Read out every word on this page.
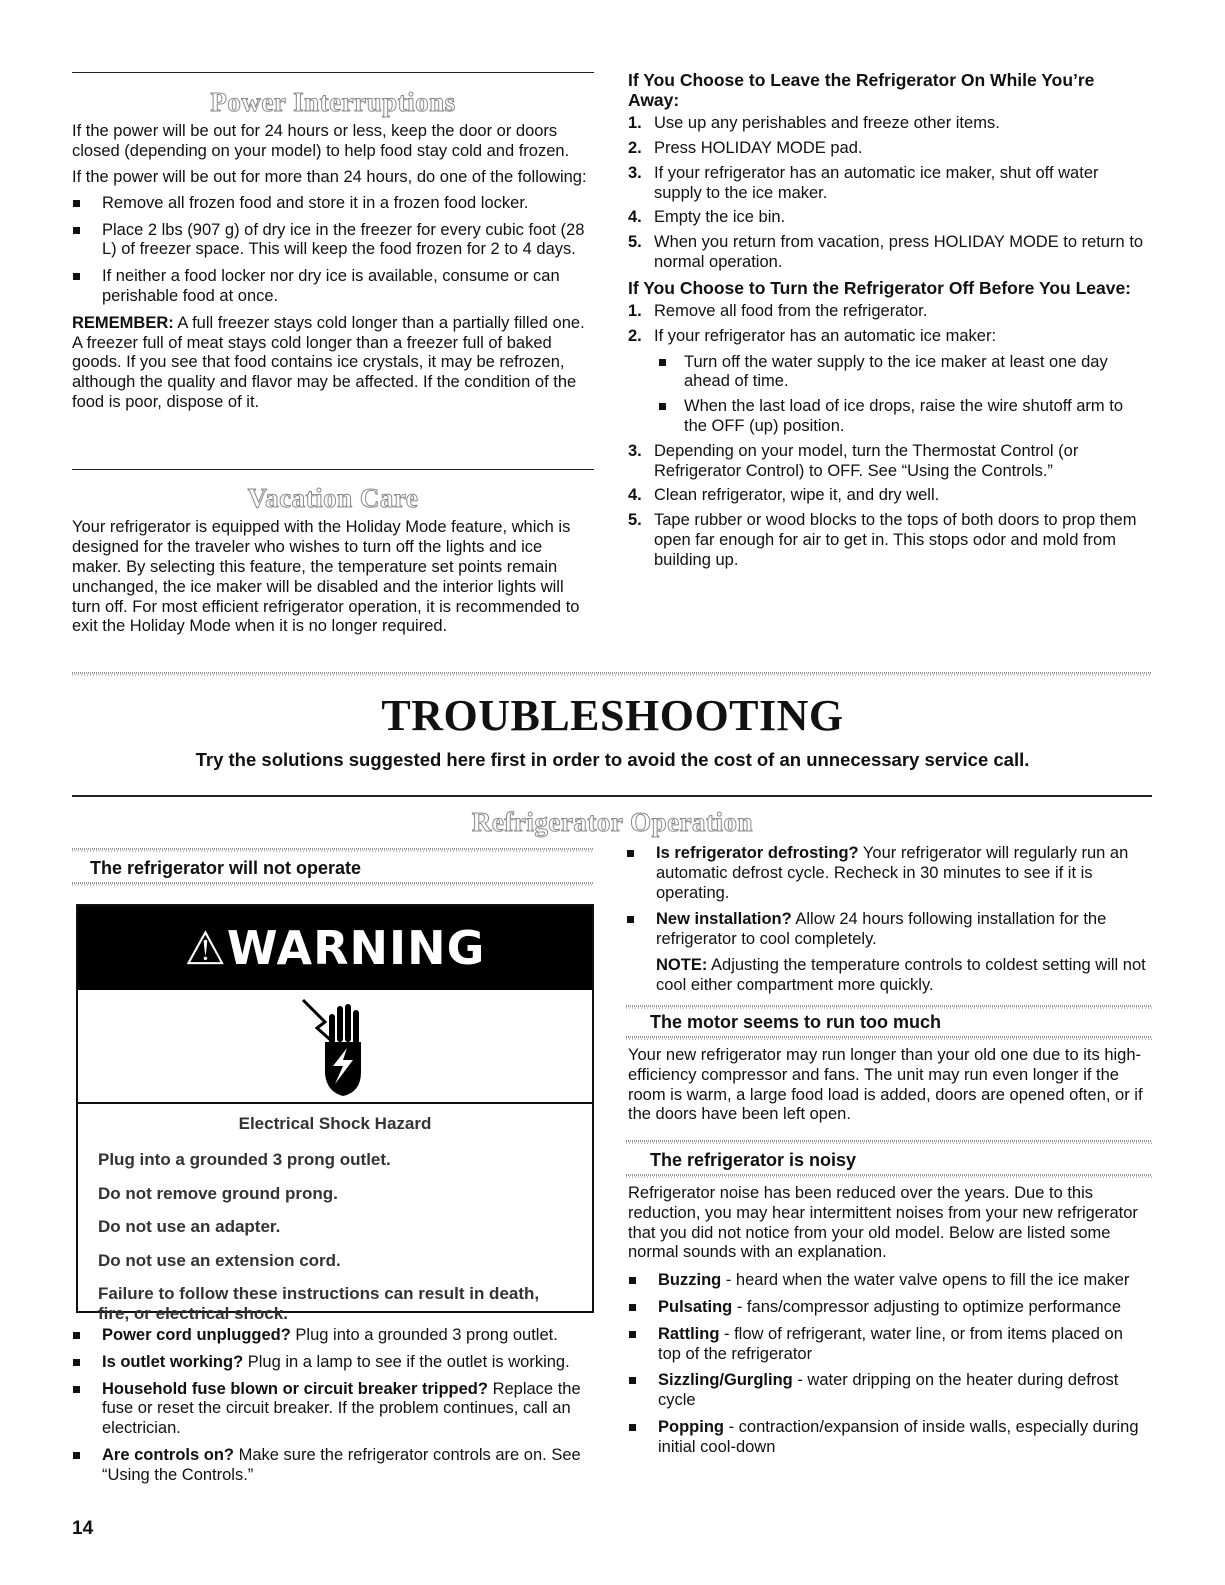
Power Interruptions

If the power will be out for 24 hours or less, keep the door or doors closed (depending on your model) to help food stay cold and frozen.

If the power will be out for more than 24 hours, do one of the following:

Remove all frozen food and store it in a frozen food locker.
Place 2 lbs (907 g) of dry ice in the freezer for every cubic foot (28 L) of freezer space. This will keep the food frozen for 2 to 4 days.
If neither a food locker nor dry ice is available, consume or can perishable food at once.

REMEMBER: A full freezer stays cold longer than a partially filled one. A freezer full of meat stays cold longer than a freezer full of baked goods. If you see that food contains ice crystals, it may be refrozen, although the quality and flavor may be affected. If the condition of the food is poor, dispose of it.

Vacation Care

Your refrigerator is equipped with the Holiday Mode feature, which is designed for the traveler who wishes to turn off the lights and ice maker. By selecting this feature, the temperature set points remain unchanged, the ice maker will be disabled and the interior lights will turn off. For most efficient refrigerator operation, it is recommended to exit the Holiday Mode when it is no longer required.

If You Choose to Leave the Refrigerator On While You’re Away:
1. Use up any perishables and freeze other items.
2. Press HOLIDAY MODE pad.
3. If your refrigerator has an automatic ice maker, shut off water supply to the ice maker.
4. Empty the ice bin.
5. When you return from vacation, press HOLIDAY MODE to return to normal operation.
If You Choose to Turn the Refrigerator Off Before You Leave:
1. Remove all food from the refrigerator.
2. If your refrigerator has an automatic ice maker:
Turn off the water supply to the ice maker at least one day ahead of time.
When the last load of ice drops, raise the wire shutoff arm to the OFF (up) position.
3. Depending on your model, turn the Thermostat Control (or Refrigerator Control) to OFF. See “Using the Controls.”
4. Clean refrigerator, wipe it, and dry well.
5. Tape rubber or wood blocks to the tops of both doors to prop them open far enough for air to get in. This stops odor and mold from building up.
TROUBLESHOOTING
Try the solutions suggested here first in order to avoid the cost of an unnecessary service call.
Refrigerator Operation
The refrigerator will not operate
⚠WARNING

Electrical Shock Hazard

Plug into a grounded 3 prong outlet.

Do not remove ground prong.

Do not use an adapter.

Do not use an extension cord.

Failure to follow these instructions can result in death, fire, or electrical shock.

Power cord unplugged? Plug into a grounded 3 prong outlet.
Is outlet working? Plug in a lamp to see if the outlet is working.
Household fuse blown or circuit breaker tripped? Replace the fuse or reset the circuit breaker. If the problem continues, call an electrician.
Are controls on? Make sure the refrigerator controls are on. See “Using the Controls.”
14
Is refrigerator defrosting? Your refrigerator will regularly run an automatic defrost cycle. Recheck in 30 minutes to see if it is operating.
New installation? Allow 24 hours following installation for the refrigerator to cool completely.

NOTE: Adjusting the temperature controls to coldest setting will not cool either compartment more quickly.

The motor seems to run too much
Your new refrigerator may run longer than your old one due to its high-efficiency compressor and fans. The unit may run even longer if the room is warm, a large food load is added, doors are opened often, or if the doors have been left open.
The refrigerator is noisy

Refrigerator noise has been reduced over the years. Due to this reduction, you may hear intermittent noises from your new refrigerator that you did not notice from your old model. Below are listed some normal sounds with an explanation.

Buzzing - heard when the water valve opens to fill the ice maker
Pulsating - fans/compressor adjusting to optimize performance
Rattling - flow of refrigerant, water line, or from items placed on top of the refrigerator
Sizzling/Gurgling - water dripping on the heater during defrost cycle
Popping - contraction/expansion of inside walls, especially during initial cool-down
